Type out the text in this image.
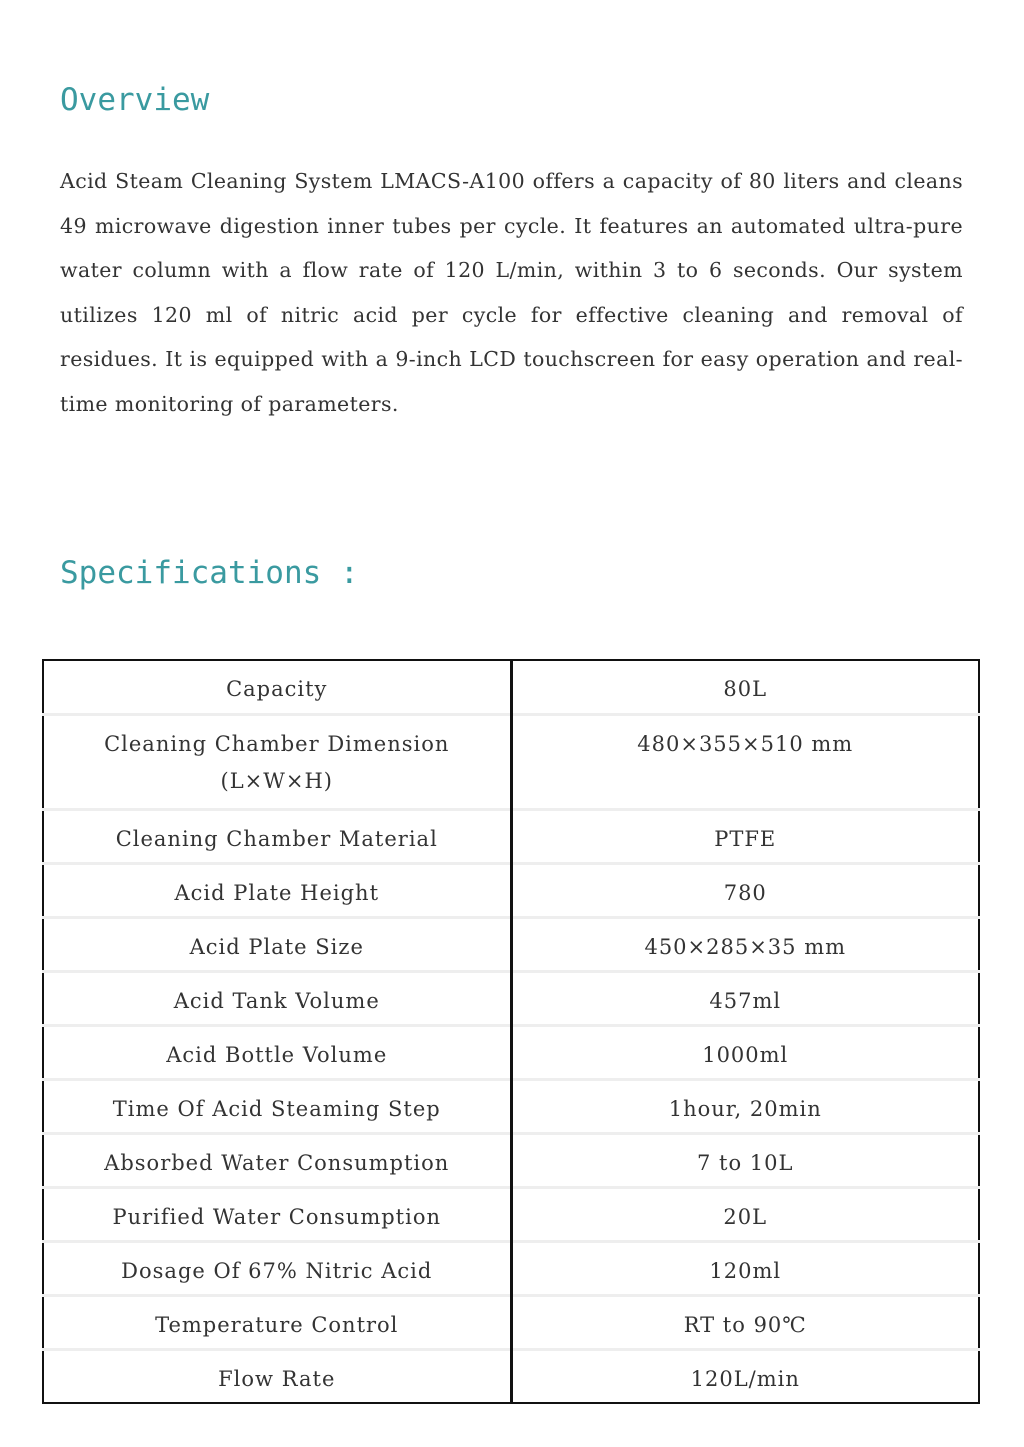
Overview

Acid Steam Cleaning System LMACS-A100 offers a capacity of 80 liters and cleans 49 microwave digestion inner tubes per cycle. It features an automated ultra-pure water column with a flow rate of 120 L/min, within 3 to 6 seconds. Our system utilizes 120 ml of nitric acid per cycle for effective cleaning and removal of residues. It is equipped with a 9-inch LCD touchscreen for easy operation and real-time monitoring of parameters.

Specifications :
Capacity	80L
Cleaning Chamber Dimension (L×W×H)	480×355×510 mm
Cleaning Chamber Material	PTFE
Acid Plate Height	780
Acid Plate Size	450×285×35 mm
Acid Tank Volume	457ml
Acid Bottle Volume	1000ml
Time Of Acid Steaming Step	1hour, 20min
Absorbed Water Consumption	7 to 10L
Purified Water Consumption	20L
Dosage Of 67% Nitric Acid	120ml
Temperature Control	RT to 90℃
Flow Rate	120L/min
